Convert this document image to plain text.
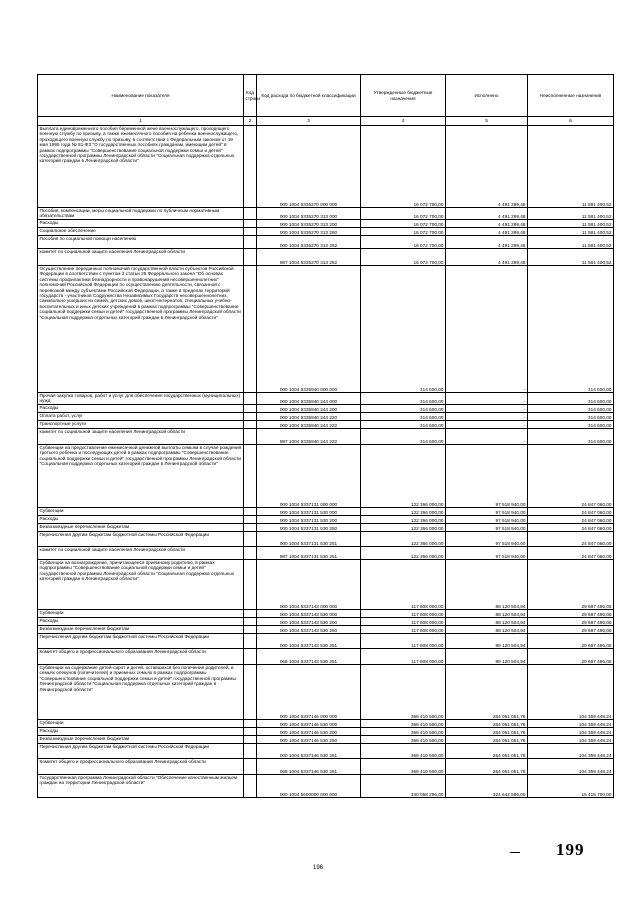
Наименование показателя	Код строки	Код расхода по бюджетной классификации	Утвержденные бюджетные назначения	Исполнено	Неисполненные назначения
1	2	3	4	5	6
Выплата единовременного пособия беременной жене военнослужащего, проходящего военную службу по призыву, а также ежемесячного пособия на ребенка военнослужащего, проходящего военную службу по призыву, в соответствии с Федеральным законом от 19 мая 1995 года № 81-ФЗ "О государственных пособиях гражданам, имеющим детей" в рамках подпрограммы "Совершенствование социальной поддержки семьи и детей" государственной программы Ленинградской области "Социальная поддержка отдельных категорий граждан в Ленинградской области"		000 1004 5335270 000 000	16 072 700,00	4 491 299,48	11 581 400,52
Пособия, компенсации, меры социальной поддержки по публичным нормативным обязательствам		000 1004 5335270 313 000	16 072 700,00	4 491 299,48	11 581 400,52
Расходы		000 1004 5335270 313 200	16 072 700,00	4 491 299,48	11 581 400,52
Социальное обеспечение		000 1004 5335270 313 260	16 072 700,00	4 491 299,48	11 581 400,52
Пособия по социальной помощи населению		000 1004 5335270 313 262	16 072 700,00	4 491 299,48	11 581 400,52
комитет по социальной защите населения Ленинградской области		987 1004 5335270 313 262	16 072 700,00	4 491 299,48	11 581 400,52
Осуществление переданных полномочий государственной власти субъектов Российской Федерации в соответствии с пунктом 3 статьи 25 Федерального закона "Об основах системы профилактики безнадзорности и правонарушений несовершеннолетних" полномочий Российской Федерации по осуществлению деятельности, связанной с перевозкой между субъектами Российской Федерации, а также в пределах территорий государств - участников Содружества Независимых Государств несовершеннолетних, самовольно ушедших из семей, детских домов, школ-интернатов, специальных учебно-воспитательных и иных детских учреждений в рамках подпрограммы "Совершенствование социальной поддержки семьи и детей" государственной программы Ленинградской области "Социальная поддержка отдельных категорий граждан в Ленинградской области"		000 1004 5335940 000 000	314 500,00	-	314 500,00
Прочая закупка товаров, работ и услуг для обеспечения государственных (муниципальных) нужд		000 1004 5335940 244 000	314 500,00	-	314 500,00
Расходы		000 1004 5335940 244 200	314 500,00	-	314 500,00
Оплата работ, услуг		000 1004 5335940 244 220	314 500,00	-	314 500,00
Транспортные услуги		000 1004 5335940 244 222	314 500,00	-	314 500,00
комитет по социальной защите населения Ленинградской области		987 1004 5335940 244 222	314 500,00	-	314 500,00
Субвенции на предоставление ежемесячной денежной выплаты семьям в случае рождения третьего ребенка и последующих детей в рамках подпрограммы "Совершенствование социальной поддержки семьи и детей" государственной программы Ленинградской области "Социальная поддержка отдельных категорий граждан в Ленинградской области"		000 1004 5337131 000 000	122 366 000,00	97 518 940,00	24 847 060,00
Субвенции		000 1004 5337131 530 000	122 366 000,00	97 518 940,00	24 847 060,00
Расходы		000 1004 5337131 530 200	122 366 000,00	97 518 940,00	24 847 060,00
Безвозмездные перечисления бюджетам		000 1004 5337131 530 250	122 366 000,00	97 518 940,00	24 847 060,00
Перечисления другим бюджетам бюджетной системы Российской Федерации		000 1004 5337131 530 251	122 366 000,00	97 518 940,00	24 847 060,00
комитет по социальной защите населения Ленинградской области		987 1004 5337131 530 251	122 366 000,00	97 518 940,00	24 847 060,00
Субвенции на вознаграждение, причитающееся приемному родителю, в рамках подпрограммы "Совершенствование социальной поддержки семьи и детей" государственной программы Ленинградской области "Социальная поддержка отдельных категорий граждан в Ленинградской области"		000 1004 5337143 000 000	117 808 000,00	88 120 504,94	29 687 495,06
Субвенции		000 1004 5337143 530 000	117 808 000,00	88 120 504,94	29 687 495,06
Расходы		000 1004 5337143 530 200	117 808 000,00	88 120 504,94	29 687 495,06
Безвозмездные перечисления бюджетам		000 1004 5337143 530 250	117 808 000,00	88 120 504,94	29 687 495,06
Перечисления другим бюджетам бюджетной системы Российской Федерации		000 1004 5337143 530 251	117 808 000,00	88 120 504,94	29 687 495,06
Комитет общего и профессионального образования Ленинградской области		068 1004 5337143 530 251	117 808 000,00	88 120 504,94	29 687 495,06
Субвенции на содержание детей-сирот и детей, оставшихся без попечения родителей, в семьях опекунов (попечителей) и приемных семьях в рамках подпрограммы "Совершенствование социальной поддержки семьи и детей" государственной программы Ленинградской области "Социальная поддержка отдельных категорий граждан в Ленинградской области"		000 1004 5337146 000 000	368 410 500,00	264 051 051,76	104 359 448,24
Субвенции		000 1004 5337146 530 000	368 410 500,00	264 051 051,76	104 359 448,24
Расходы		000 1004 5337146 530 200	368 410 500,00	264 051 051,76	104 359 448,24
Безвозмездные перечисления бюджетам		000 1004 5337146 530 250	368 410 500,00	264 051 051,76	104 359 448,24
Перечисления другим бюджетам бюджетной системы Российской Федерации		000 1004 5337146 530 251	368 410 500,00	264 051 051,76	104 359 448,24
Комитет общего и профессионального образования Ленинградской области		068 1004 5337146 530 251	368 410 500,00	264 051 051,76	104 359 448,24
Государственная программа Ленинградской области "Обеспечение качественным жильем граждан на территории Ленинградской области"		000 1004 5600000 000 000	340 058 296,00	324 642 596,00	15 415 700,00
199
196
